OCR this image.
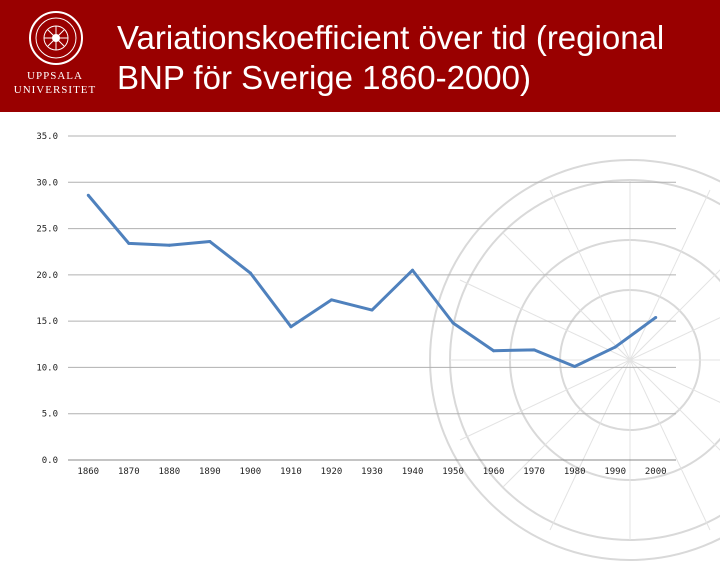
UPPSALA
UNIVERSITET
Variationskoefficient över tid (regional BNP för Sverige 1860-2000)
0.0
5.0
10.0
15.0
20.0
25.0
30.0
35.0
1860 1870 1880 1890 1900 1910 1920 1930 1940 1950 1960 1970 1980 1990 2000
